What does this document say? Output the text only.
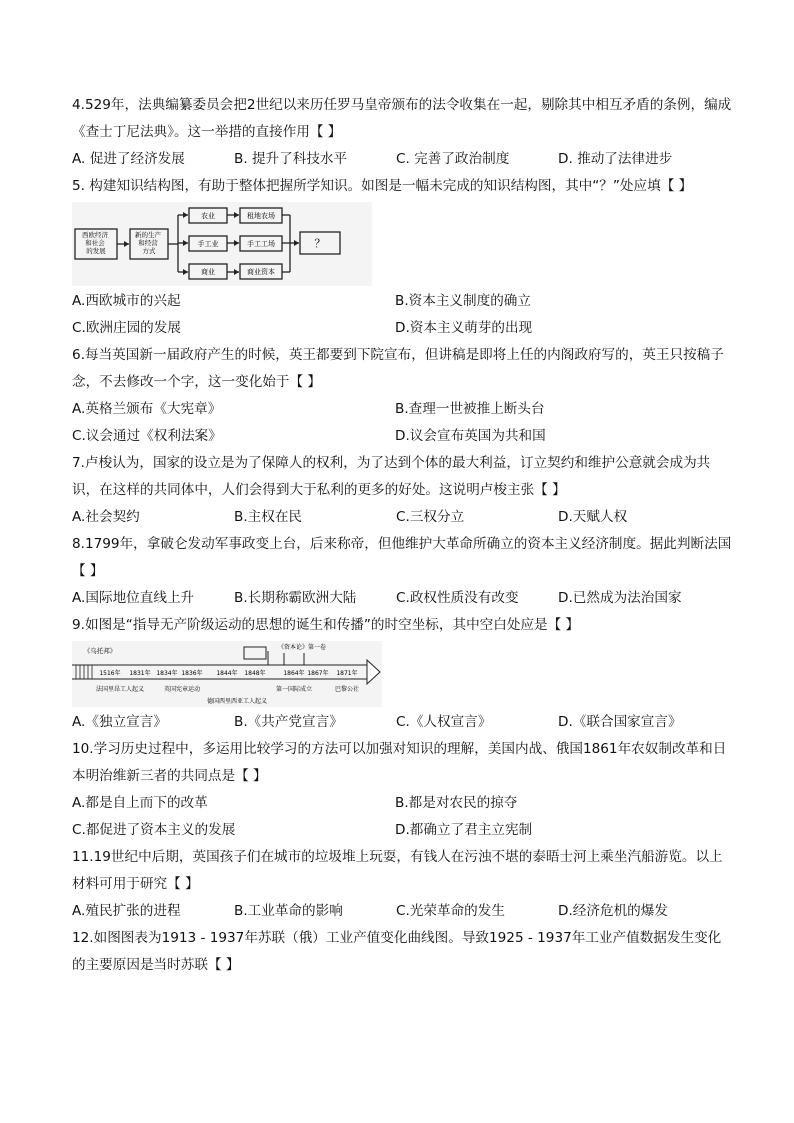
4.529年，法典编纂委员会把2世纪以来历任罗马皇帝颁布的法令收集在一起，剔除其中相互矛盾的条例，编成《查士丁尼法典》。这一举措的直接作用【 】
A. 促进了经济发展	B. 提升了科技水平	C. 完善了政治制度	D. 推动了法律进步
5. 构建知识结构图，有助于整体把握所学知识。如图是一幅未完成的知识结构图，其中“？”处应填【 】
西欧经济 和社会 的发展
新的生产 和经营 方式
农业
手工业
商业
租地农场
手工工场
商业资本
？
A.西欧城市的兴起	B.资本主义制度的确立
C.欧洲庄园的发展	D.资本主义萌芽的出现
6.每当英国新一届政府产生的时候，英王都要到下院宣布，但讲稿是即将上任的内阁政府写的，英王只按稿子念，不去修改一个字，这一变化始于【 】
A.英格兰颁布《大宪章》	B.查理一世被推上断头台
C.议会通过《权利法案》	D.议会宣布英国为共和国
7.卢梭认为，国家的设立是为了保障人的权利，为了达到个体的最大利益，订立契约和维护公意就会成为共识，在这样的共同体中，人们会得到大于私利的更多的好处。这说明卢梭主张【 】
A.社会契约	B.主权在民	C.三权分立	D.天赋人权
8.1799年，拿破仑发动军事政变上台，后来称帝，但他维护大革命所确立的资本主义经济制度。据此判断法国【 】
A.国际地位直线上升	B.长期称霸欧洲大陆	C.政权性质没有改变	D.已然成为法治国家
9.如图是“指导无产阶级运动的思想的诞生和传播”的时空坐标，其中空白处应是【 】
《乌托邦》	《资本论》第一卷
1516年 1831年 1834年 1836年 1844年 1848年	1864年 1867年 1871年
法国里昂工人起义	英国宪章运动
德国西里西亚工人起义
第一国际成立	巴黎公社
A.《独立宣言》	B.《共产党宣言》	C.《人权宣言》	D.《联合国家宣言》
10.学习历史过程中，多运用比较学习的方法可以加强对知识的理解，美国内战、俄国1861年农奴制改革和日本明治维新三者的共同点是【 】
A.都是自上而下的改革	B.都是对农民的掠夺
C.都促进了资本主义的发展	D.都确立了君主立宪制
11.19世纪中后期，英国孩子们在城市的垃圾堆上玩耍，有钱人在污浊不堪的泰晤士河上乘坐汽船游览。以上材料可用于研究【 】
A.殖民扩张的进程	B.工业革命的影响	C.光荣革命的发生	D.经济危机的爆发
12.如图图表为1913 - 1937年苏联（俄）工业产值变化曲线图。导致1925 - 1937年工业产值数据发生变化的主要原因是当时苏联【 】
